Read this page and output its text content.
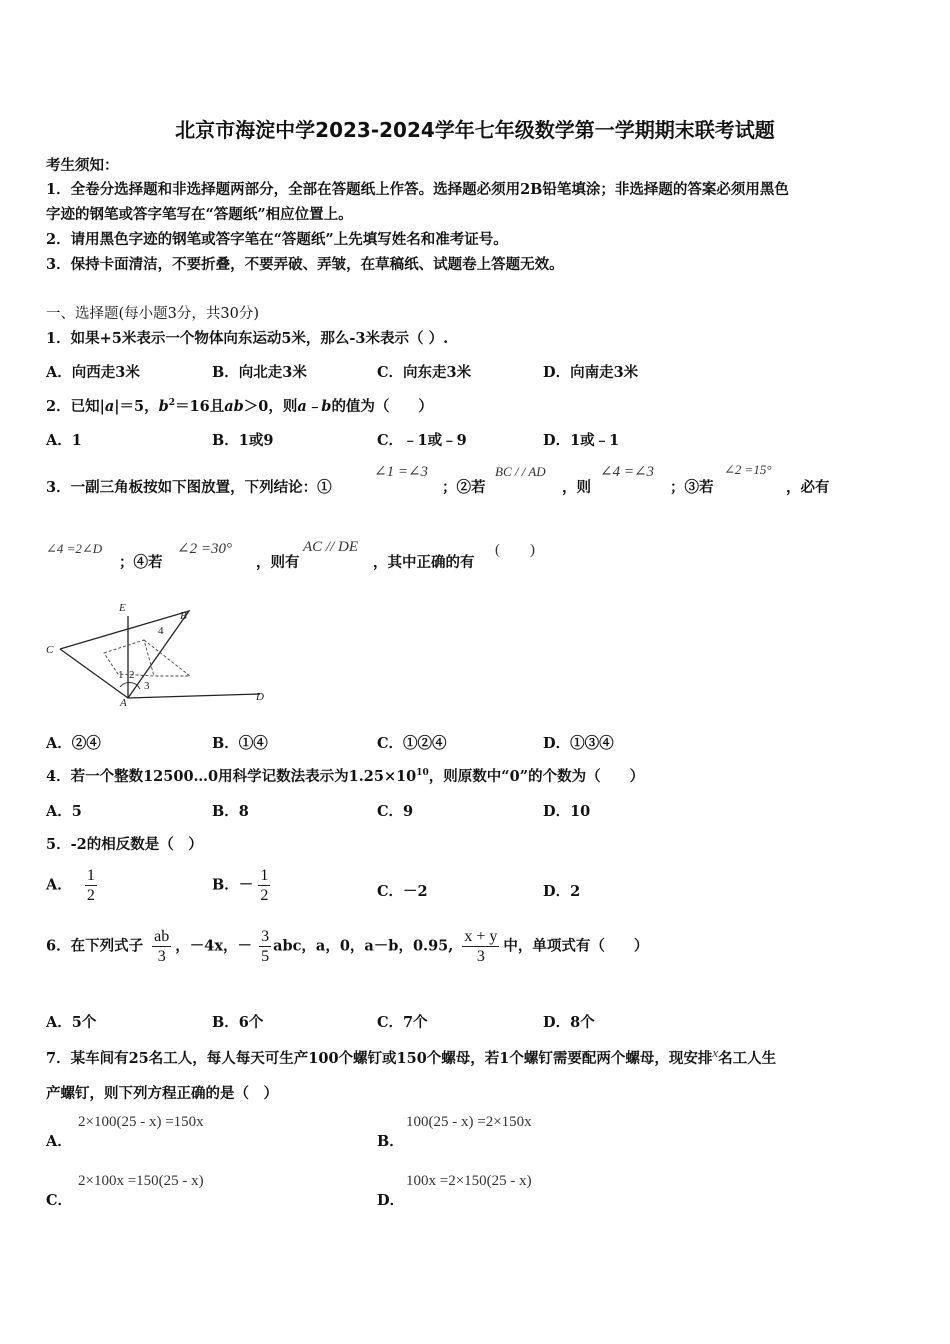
北京市海淀中学2023-2024学年七年级数学第一学期期末联考试题
考生须知：
1．全卷分选择题和非选择题两部分，全部在答题纸上作答。选择题必须用2B铅笔填涂；非选择题的答案必须用黑色
字迹的钢笔或答字笔写在“答题纸”相应位置上。
2．请用黑色字迹的钢笔或答字笔在“答题纸”上先填写姓名和准考证号。
3．保持卡面清洁，不要折叠，不要弄破、弄皱，在草稿纸、试题卷上答题无效。
一、选择题(每小题3分，共30分)
1．如果+5米表示一个物体向东运动5米，那么-3米表示（ ）.
A．向西走3米	B．向北走3米	C．向东走3米	D．向南走3米
2．已知|a|＝5，$b^2=16$且ab＞0，则a﹣b的值为（　　）
A．1	B．1或9	C．﹣1或﹣9	D．1或﹣1
3．一副三角板按如下图放置，下列结论：①
∠1 =∠3
；②若
BC / / AD
，则
∠4 =∠3
；③若
∠2 =15°
，必有
∠4 =2∠D
；④若
∠2 =30°
，则有
AC // DE
，其中正确的有
(　　)
E
B
C
1 2
3
4
A	D
A．②④	B．①④	C．①②④	D．①③④
4．若一个整数12500…0用科学记数法表示为$1.25\times 10^{10}$，则原数中“0”的个数为（　　）
A．5	B．8	C．9	D．10
5．-2的相反数是（　）
A． $\frac{1}{2}$	B．－ $\frac{1}{2}$	C．－2	D．2
6．在下列式子 $\frac{ab}{3}$ ，－4x，－ $\frac{3}{5}$ abc，a，0，a－b，0.95, $\frac{x + y}{3}$ 中，单项式有（　　）
A．5个	B．6个	C．7个	D．8个
7．某车间有25名工人，每人每天可生产100个螺钉或150个螺母，若1个螺钉需要配两个螺母，现安排x名工人生
产螺钉，则下列方程正确的是（　）
A．
2×100(25 - x) =150x
B．
100(25 - x) =2×150x
C．
2×100x =150(25 - x)
D．
100x =2×150(25 - x)
